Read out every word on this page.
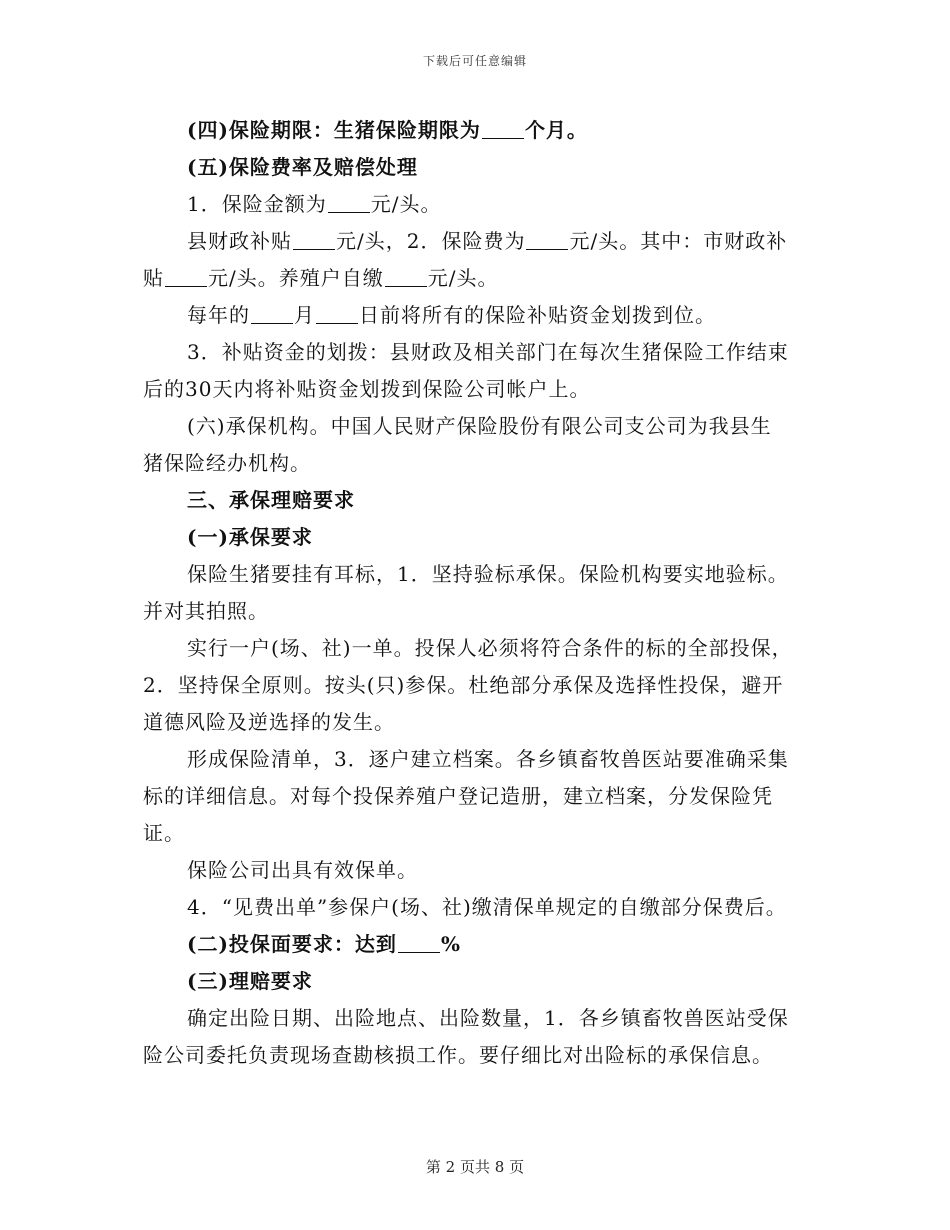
下载后可任意编辑
(四)保险期限：生猪保险期限为 个月。
(五)保险费率及赔偿处理
1．保险金额为 元/头。
县财政补贴 元/头，2．保险费为 元/头。其中：市财政补
贴 元/头。养殖户自缴 元/头。
每年的 月 日前将所有的保险补贴资金划拨到位。
3．补贴资金的划拨：县财政及相关部门在每次生猪保险工作结束
后的30天内将补贴资金划拨到保险公司帐户上。
(六)承保机构。中国人民财产保险股份有限公司支公司为我县生
猪保险经办机构。
三、承保理赔要求
(一)承保要求
保险生猪要挂有耳标，1．坚持验标承保。保险机构要实地验标。
并对其拍照。
实行一户(场、社)一单。投保人必须将符合条件的标的全部投保，
2．坚持保全原则。按头(只)参保。杜绝部分承保及选择性投保，避开
道德风险及逆选择的发生。
形成保险清单，3．逐户建立档案。各乡镇畜牧兽医站要准确采集
标的详细信息。对每个投保养殖户登记造册，建立档案，分发保险凭
证。
保险公司出具有效保单。
4．“见费出单”参保户(场、社)缴清保单规定的自缴部分保费后。
(二)投保面要求：达到 %
(三)理赔要求
确定出险日期、出险地点、出险数量，1．各乡镇畜牧兽医站受保
险公司委托负责现场查勘核损工作。要仔细比对出险标的承保信息。
第 2 页共 8 页
